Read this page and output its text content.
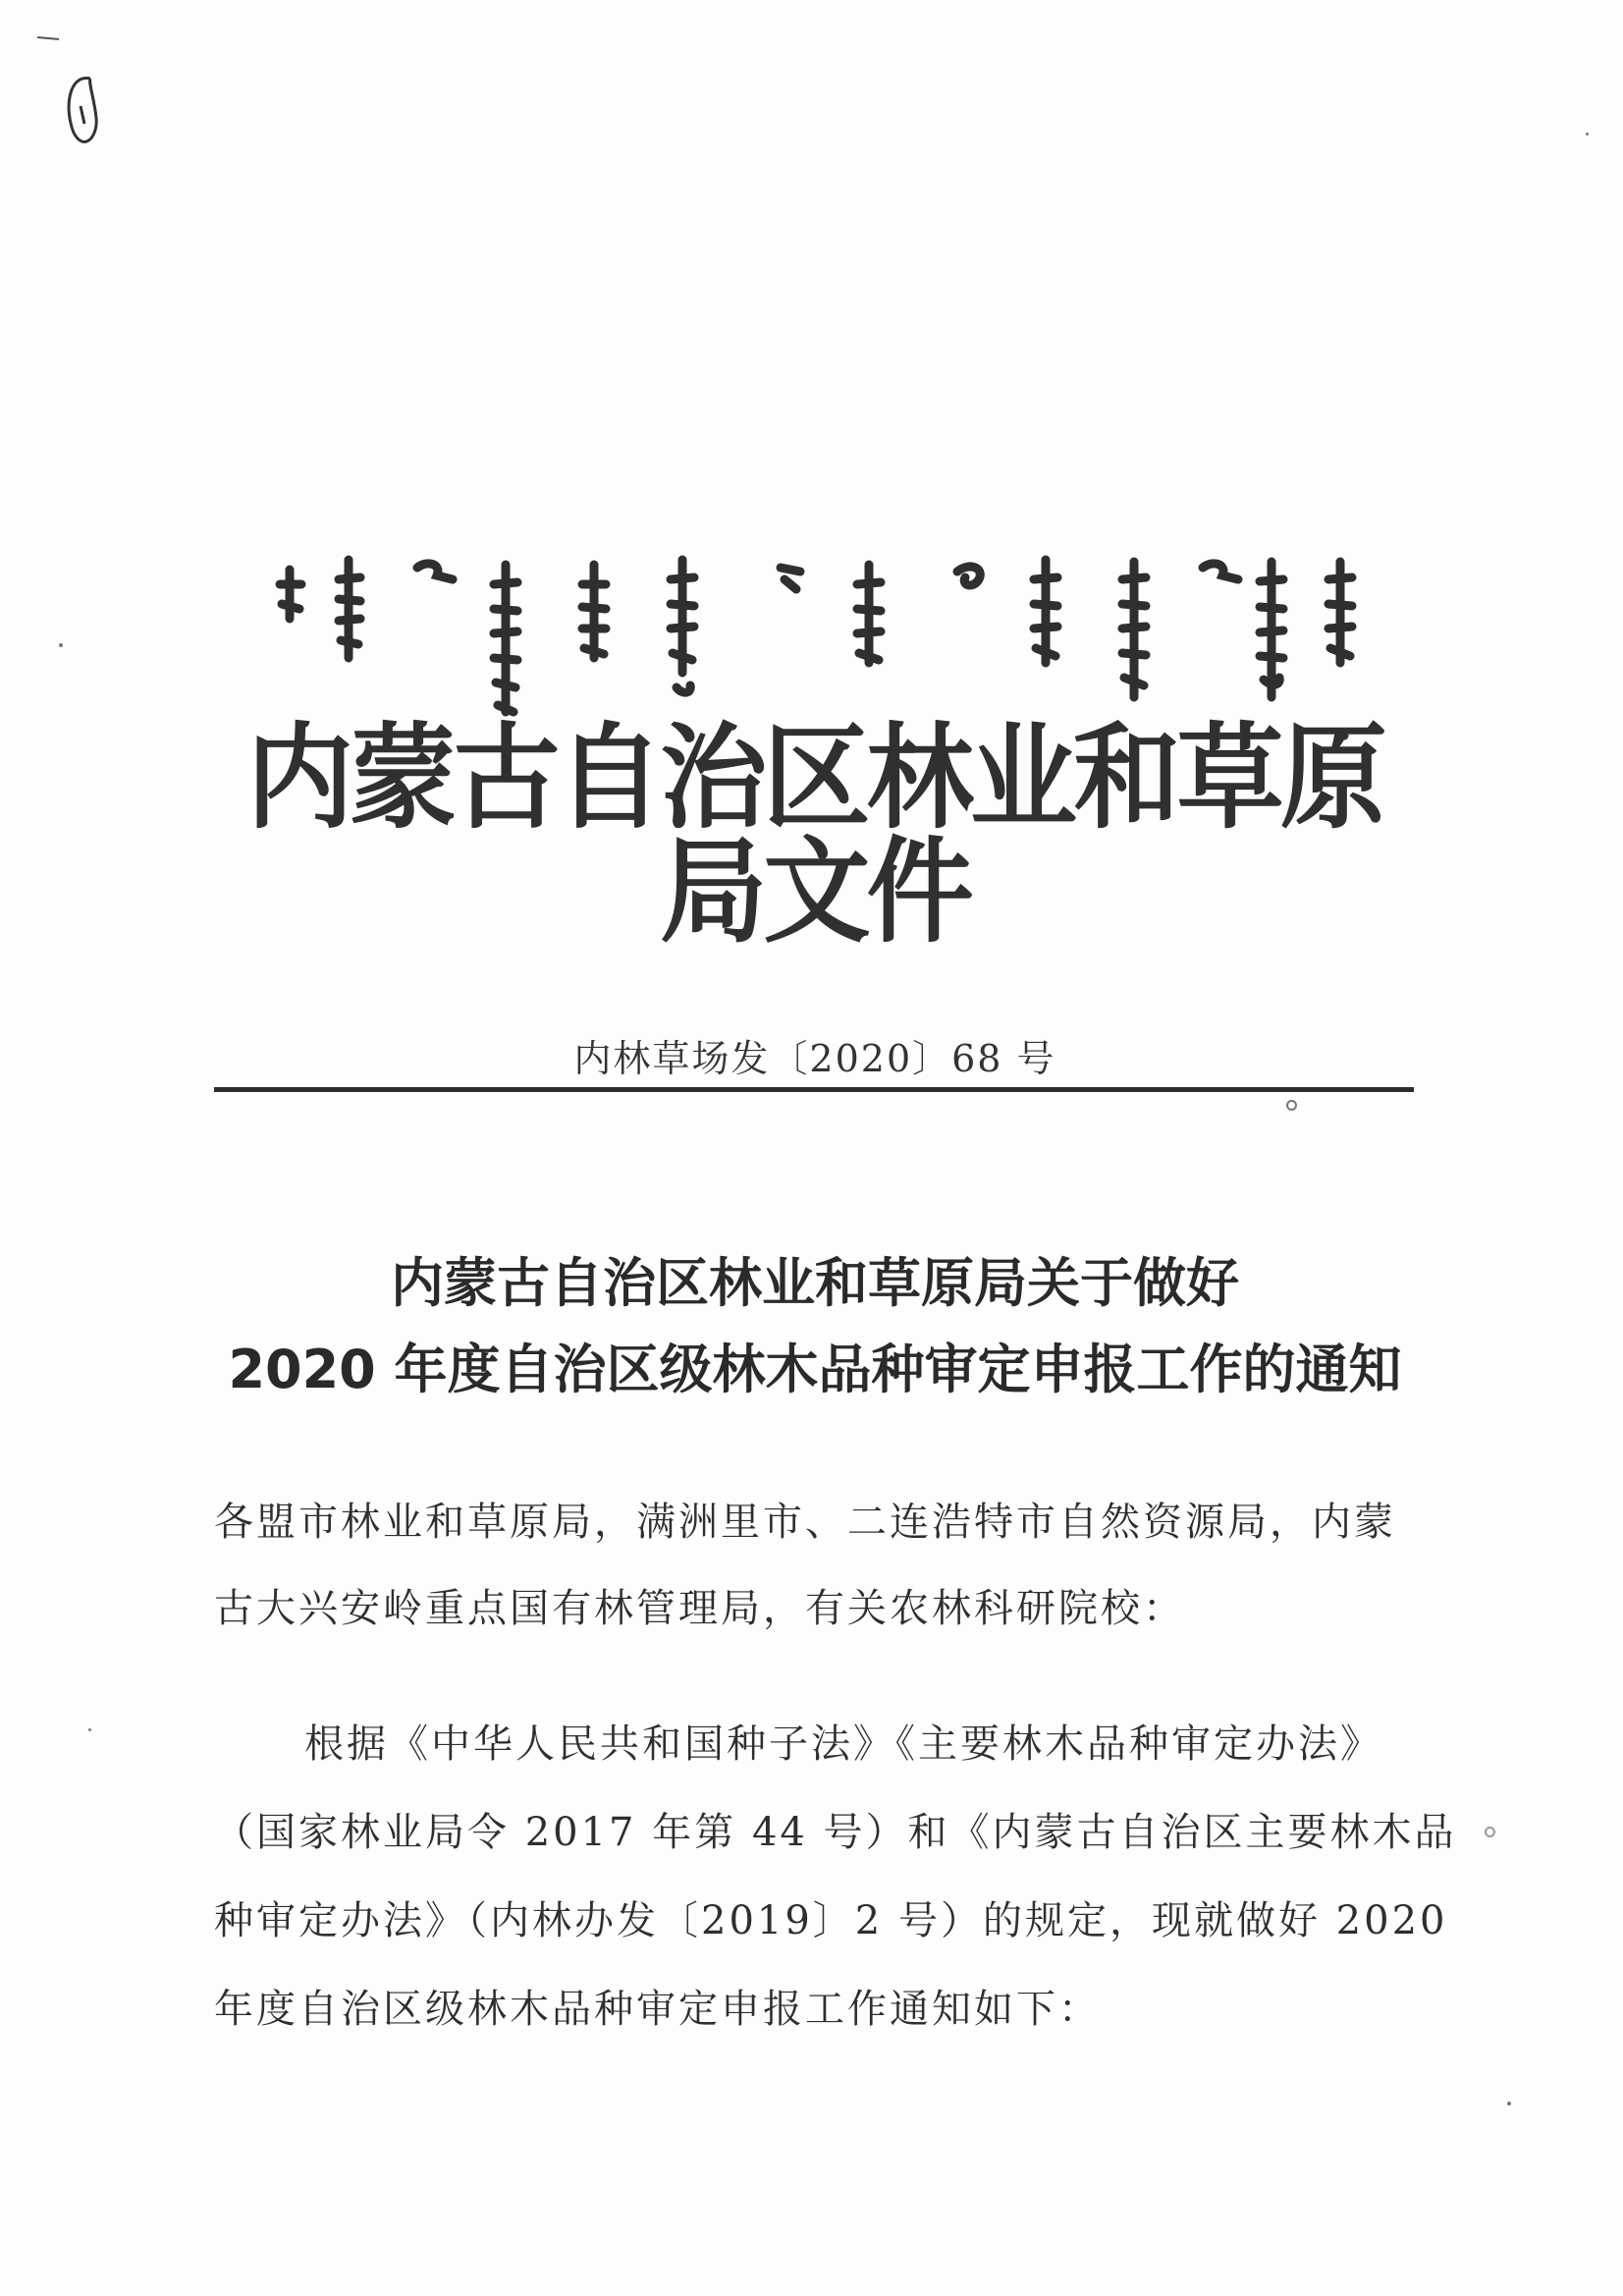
内蒙古自治区林业和草原局文件
内林草场发〔2020〕68 号
内蒙古自治区林业和草原局关于做好
2020 年度自治区级林木品种审定申报工作的通知
各盟市林业和草原局，满洲里市、二连浩特市自然资源局，内蒙
古大兴安岭重点国有林管理局，有关农林科研院校：
根据《中华人民共和国种子法》《主要林木品种审定办法》
（国家林业局令 2017 年第 44 号）和《内蒙古自治区主要林木品
种审定办法》（内林办发〔2019〕2 号）的规定，现就做好 2020
年度自治区级林木品种审定申报工作通知如下：
